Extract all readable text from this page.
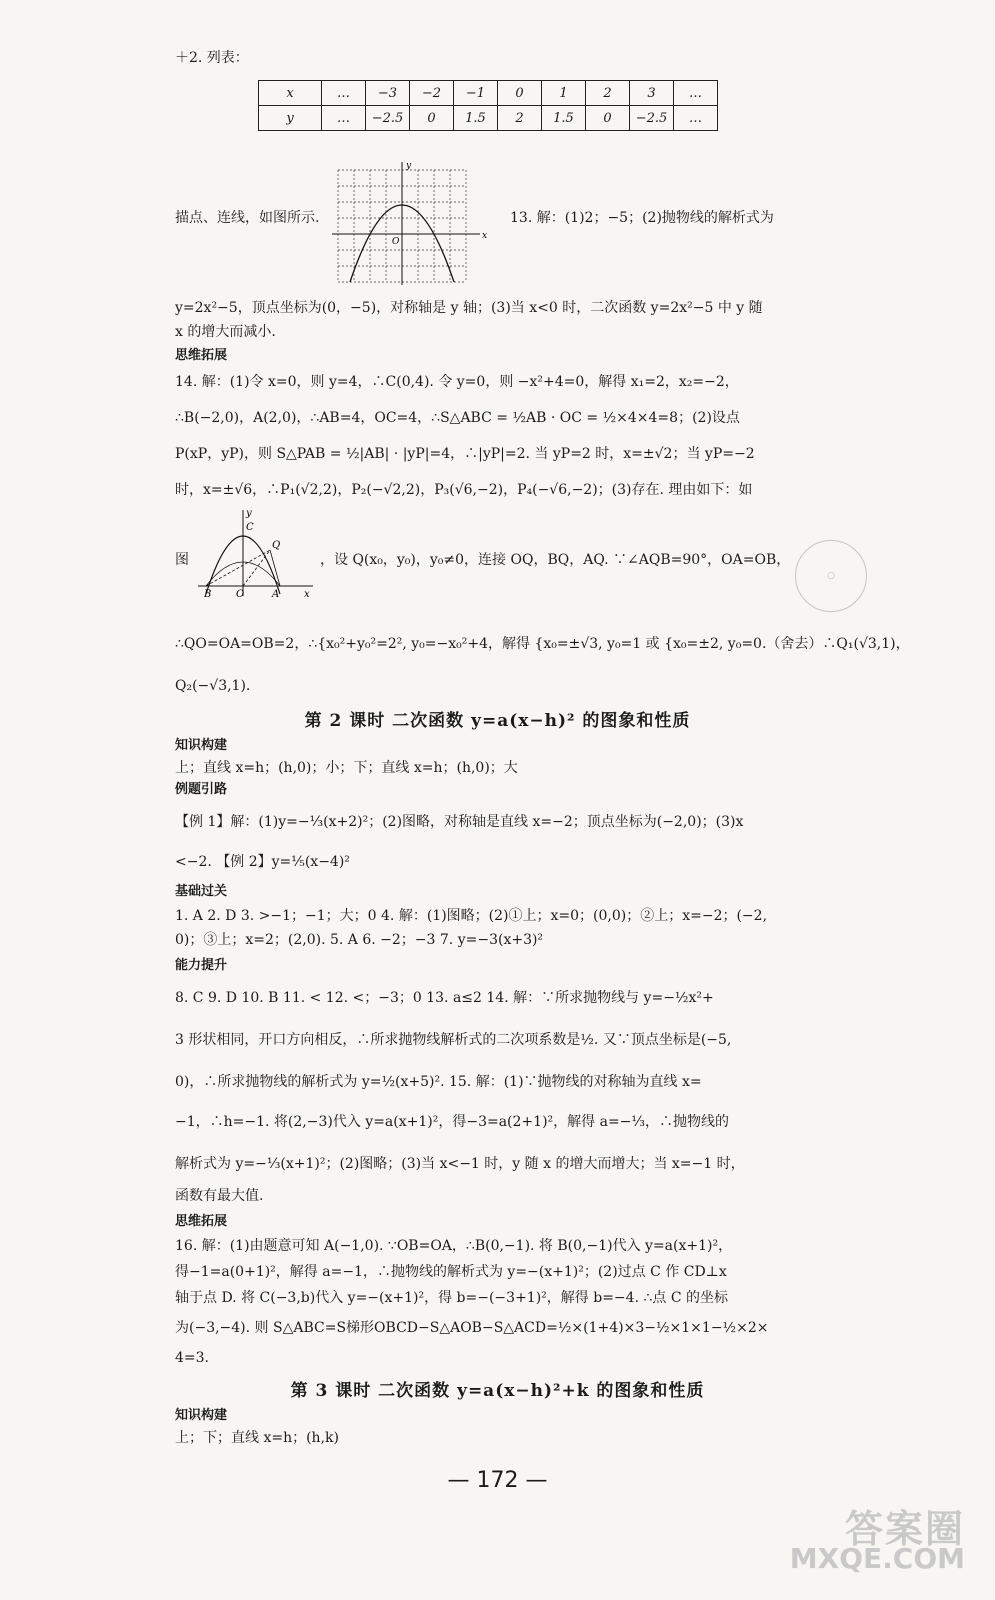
＋2. 列表：
x	…	−3	−2	−1	0	1	2	3	…
y	…	−2.5	0	1.5	2	1.5	0	−2.5	…
y
x
O
描点、连线，如图所示.	13. 解：(1)2；−5；(2)抛物线的解析式为
y=2x²−5，顶点坐标为(0，−5)，对称轴是 y 轴；(3)当 x<0 时，二次函数 y=2x²−5 中 y 随
x 的增大而减小.
思维拓展
14. 解：(1)令 x=0，则 y=4，∴C(0,4). 令 y=0，则 −x²+4=0，解得 x₁=2，x₂=−2，
∴B(−2,0)，A(2,0)，∴AB=4，OC=4，∴S△ABC = ½AB · OC = ½×4×4=8；(2)设点
P(xP，yP)，则 S△PAB = ½|AB| · |yP|=4，∴|yP|=2. 当 yP=2 时，x=±√2；当 yP=−2
时，x=±√6，∴P₁(√2,2)，P₂(−√2,2)，P₃(√6,−2)，P₄(−√6,−2)；(3)存在. 理由如下：如
图
y
C
Q
B O	A x
，设 Q(x₀，y₀)，y₀≠0，连接 OQ，BQ，AQ. ∵∠AQB=90°，OA=OB，
○
∴QO=OA=OB=2，∴{x₀²+y₀²=2², y₀=−x₀²+4，解得 {x₀=±√3, y₀=1 或 {x₀=±2, y₀=0.（舍去）∴Q₁(√3,1)，
Q₂(−√3,1).
第 2 课时 二次函数 y=a(x−h)² 的图象和性质
知识构建
上；直线 x=h；(h,0)；小；下；直线 x=h；(h,0)；大
例题引路
【例 1】解：(1)y=−⅓(x+2)²；(2)图略，对称轴是直线 x=−2；顶点坐标为(−2,0)；(3)x
<−2. 【例 2】y=⅕(x−4)²
基础过关
1. A 2. D 3. >−1；−1；大；0 4. 解：(1)图略；(2)①上；x=0；(0,0)；②上；x=−2；(−2,
0)；③上；x=2；(2,0). 5. A 6. −2；−3 7. y=−3(x+3)²
能力提升
8. C 9. D 10. B 11. < 12. <；−3；0 13. a≤2 14. 解：∵所求抛物线与 y=−½x²+
3 形状相同，开口方向相反，∴所求抛物线解析式的二次项系数是½. 又∵顶点坐标是(−5,
0)，∴所求抛物线的解析式为 y=½(x+5)². 15. 解：(1)∵抛物线的对称轴为直线 x=
−1，∴h=−1. 将(2,−3)代入 y=a(x+1)²，得−3=a(2+1)²，解得 a=−⅓，∴抛物线的
解析式为 y=−⅓(x+1)²；(2)图略；(3)当 x<−1 时，y 随 x 的增大而增大；当 x=−1 时，
函数有最大值.
思维拓展
16. 解：(1)由题意可知 A(−1,0). ∵OB=OA，∴B(0,−1). 将 B(0,−1)代入 y=a(x+1)²，
得−1=a(0+1)²，解得 a=−1，∴抛物线的解析式为 y=−(x+1)²；(2)过点 C 作 CD⊥x
轴于点 D. 将 C(−3,b)代入 y=−(x+1)²，得 b=−(−3+1)²，解得 b=−4. ∴点 C 的坐标
为(−3,−4). 则 S△ABC=S梯形OBCD−S△AOB−S△ACD=½×(1+4)×3−½×1×1−½×2×
4=3.
第 3 课时 二次函数 y=a(x−h)²+k 的图象和性质
知识构建
上；下；直线 x=h；(h,k)
— 172 —
答案圈
MXQE.COM
